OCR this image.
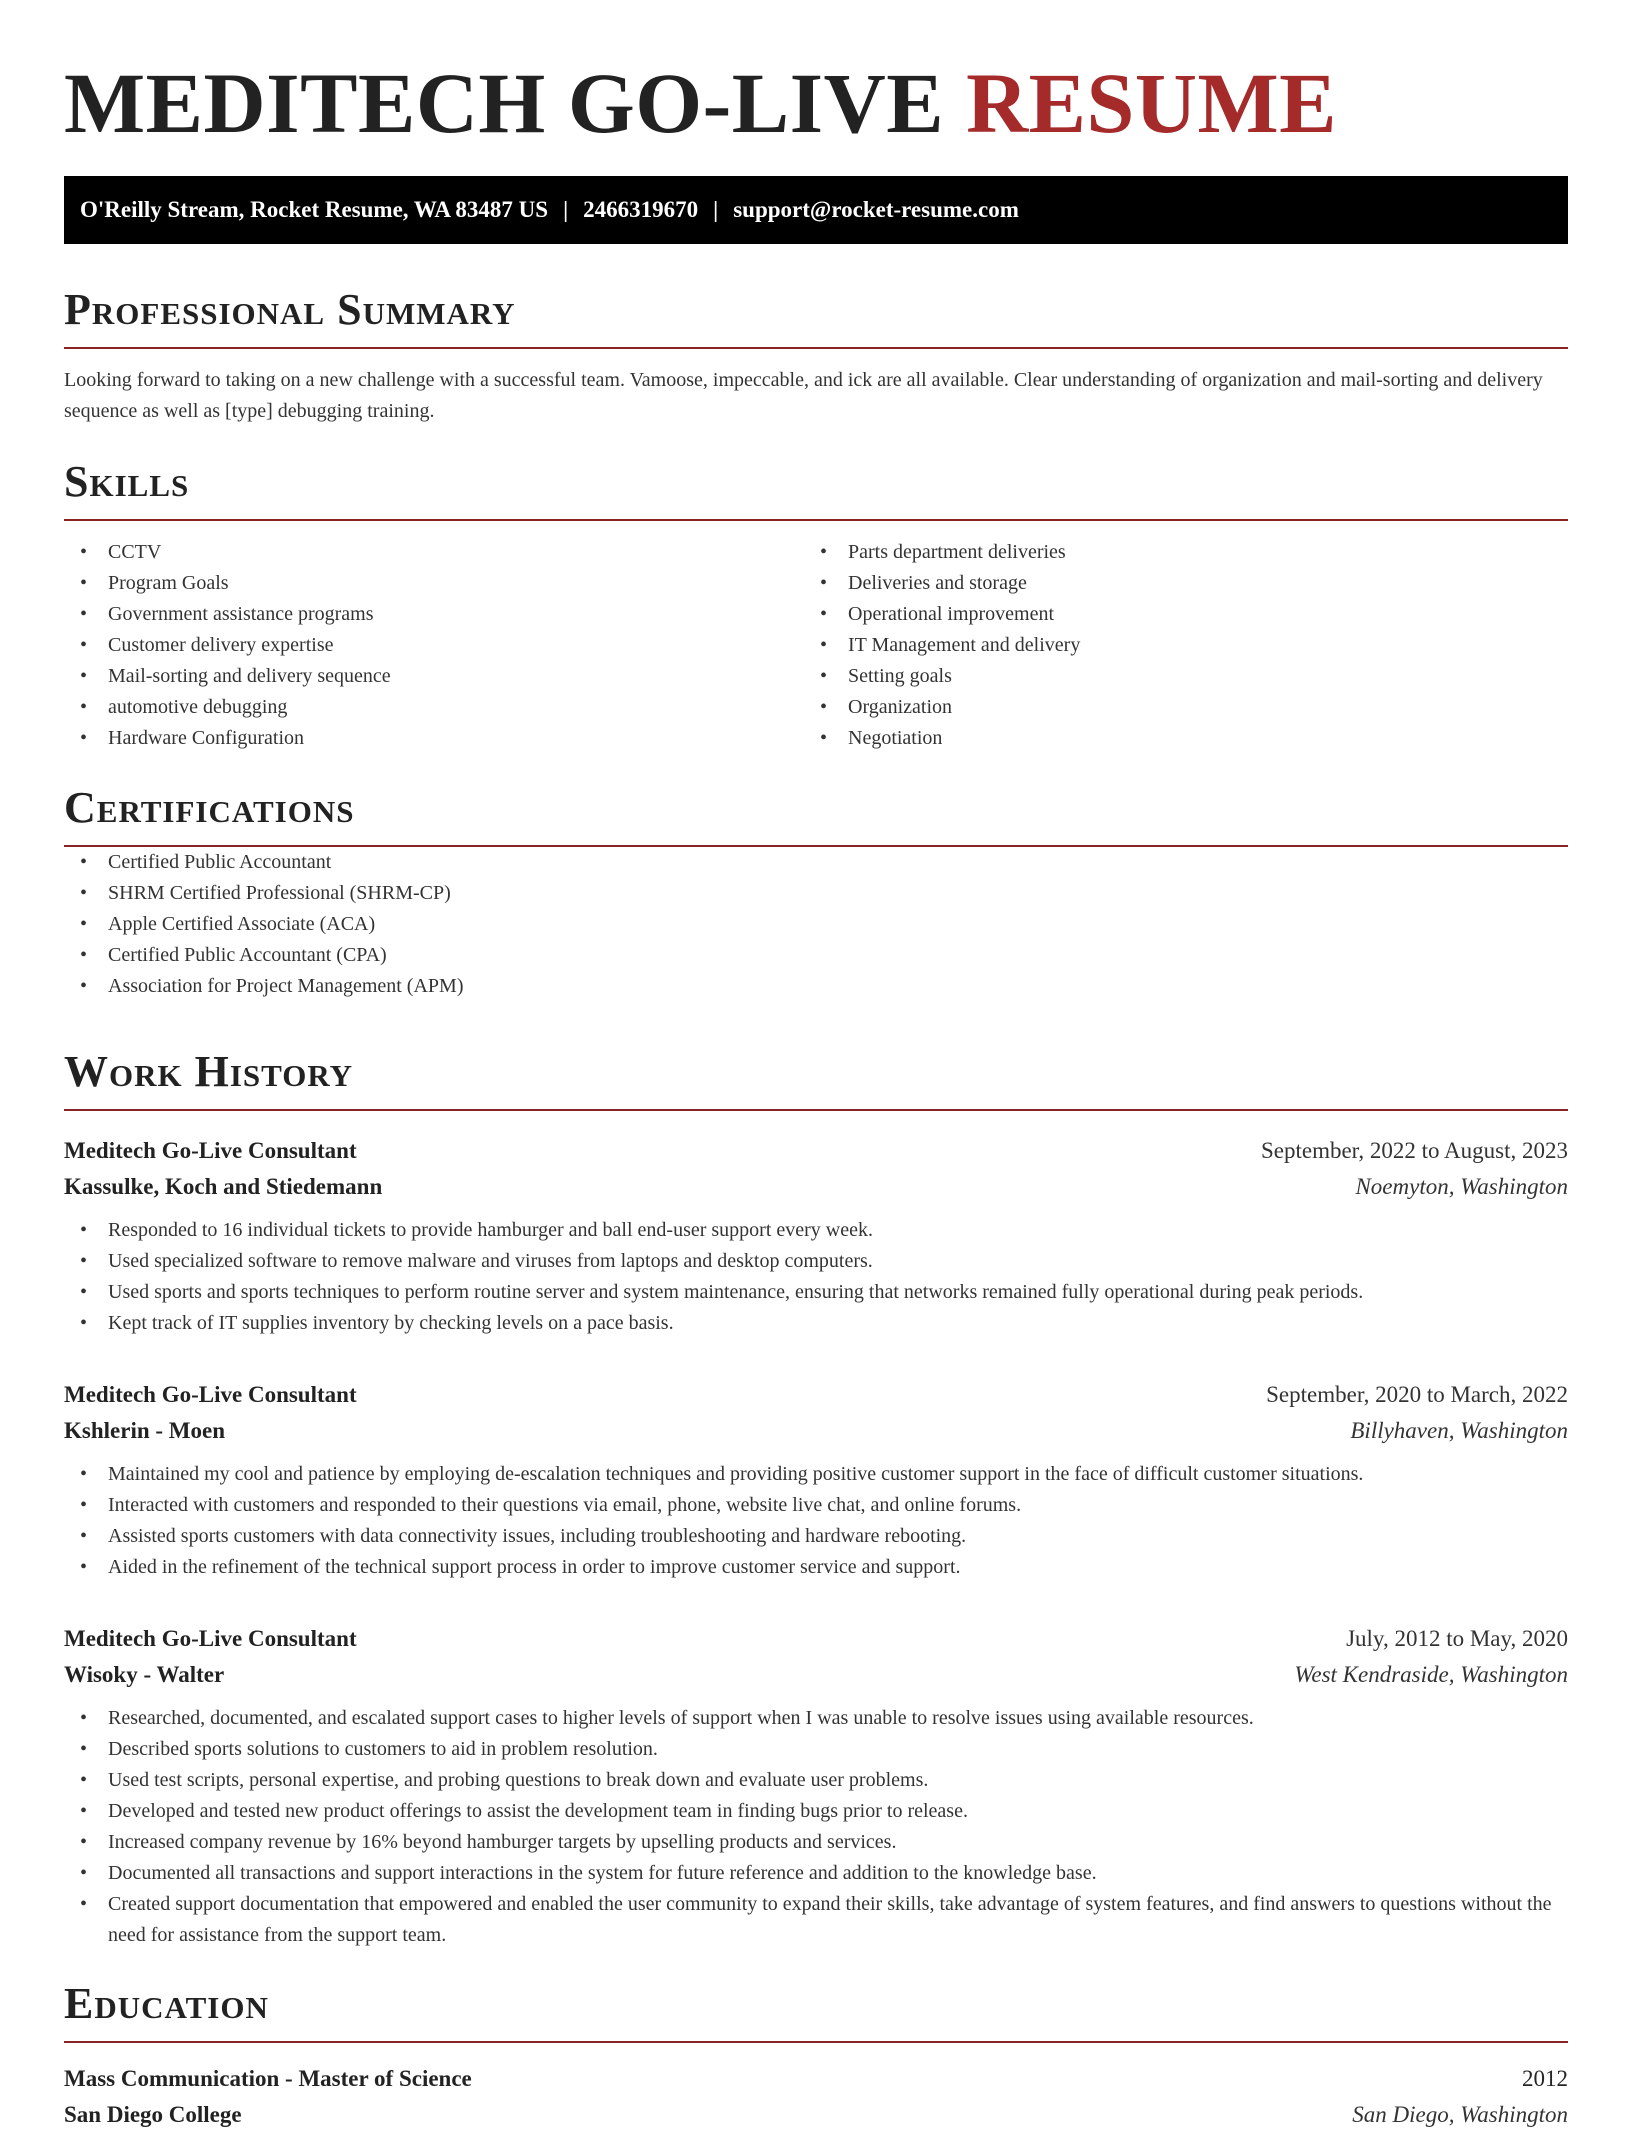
MEDITECH GO-LIVE RESUME
O'Reilly Stream, Rocket Resume, WA 83487 US | 2466319670 | support@rocket-resume.com
Professional Summary

Looking forward to taking on a new challenge with a successful team. Vamoose, impeccable, and ick are all available. Clear understanding of organization and mail-sorting and delivery sequence as well as [type] debugging training.

Skills
• CCTV
• Program Goals
• Government assistance programs
• Customer delivery expertise
• Mail-sorting and delivery sequence
• automotive debugging
• Hardware Configuration
• Parts department deliveries
• Deliveries and storage
• Operational improvement
• IT Management and delivery
• Setting goals
• Organization
• Negotiation
Certifications
• Certified Public Accountant
• SHRM Certified Professional (SHRM-CP)
• Apple Certified Associate (ACA)
• Certified Public Accountant (CPA)
• Association for Project Management (APM)
Work History
Meditech Go-Live Consultant	September, 2022 to August, 2023
Kassulke, Koch and Stiedemann	Noemyton, Washington
• Responded to 16 individual tickets to provide hamburger and ball end-user support every week.
• Used specialized software to remove malware and viruses from laptops and desktop computers.
• Used sports and sports techniques to perform routine server and system maintenance, ensuring that networks remained fully operational during peak periods.
• Kept track of IT supplies inventory by checking levels on a pace basis.
Meditech Go-Live Consultant	September, 2020 to March, 2022
Kshlerin - Moen	Billyhaven, Washington
• Maintained my cool and patience by employing de-escalation techniques and providing positive customer support in the face of difficult customer situations.
• Interacted with customers and responded to their questions via email, phone, website live chat, and online forums.
• Assisted sports customers with data connectivity issues, including troubleshooting and hardware rebooting.
• Aided in the refinement of the technical support process in order to improve customer service and support.
Meditech Go-Live Consultant	July, 2012 to May, 2020
Wisoky - Walter	West Kendraside, Washington
• Researched, documented, and escalated support cases to higher levels of support when I was unable to resolve issues using available resources.
• Described sports solutions to customers to aid in problem resolution.
• Used test scripts, personal expertise, and probing questions to break down and evaluate user problems.
• Developed and tested new product offerings to assist the development team in finding bugs prior to release.
• Increased company revenue by 16% beyond hamburger targets by upselling products and services.
• Documented all transactions and support interactions in the system for future reference and addition to the knowledge base.
• Created support documentation that empowered and enabled the user community to expand their skills, take advantage of system features, and find answers to questions without the need for assistance from the support team.
Education
Mass Communication - Master of Science	2012
San Diego College	San Diego, Washington
